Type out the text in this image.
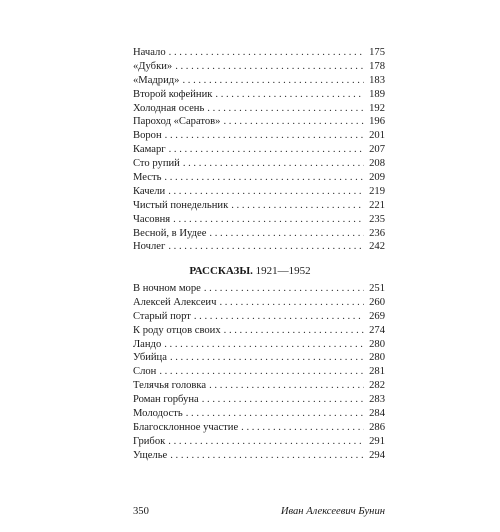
Начало . . .	175
«Дубки» . . .	178
«Мадрид» . . .	183
Второй кофейник . . .	189
Холодная осень . . .	192
Пароход «Саратов» . . .	196
Ворон . . .	201
Камарг . . .	207
Сто рупий . . .	208
Месть . . .	209
Качели . . .	219
Чистый понедельник . . .	221
Часовня . . .	235
Весной, в Иудее . . .	236
Ночлег . . .	242
РАССКАЗЫ. 1921—1952
В ночном море . . .	251
Алексей Алексеич . . .	260
Старый порт . . .	269
К роду отцов своих . . .	274
Ландо . . .	280
Убийца . . .	280
Слон . . .	281
Телячья головка . . .	282
Роман горбуна . . .	283
Молодость . . .	284
Благосклонное участие . . .	286
Грибок . . .	291
Ущелье . . .	294
350	Иван Алексеевич Бунин
